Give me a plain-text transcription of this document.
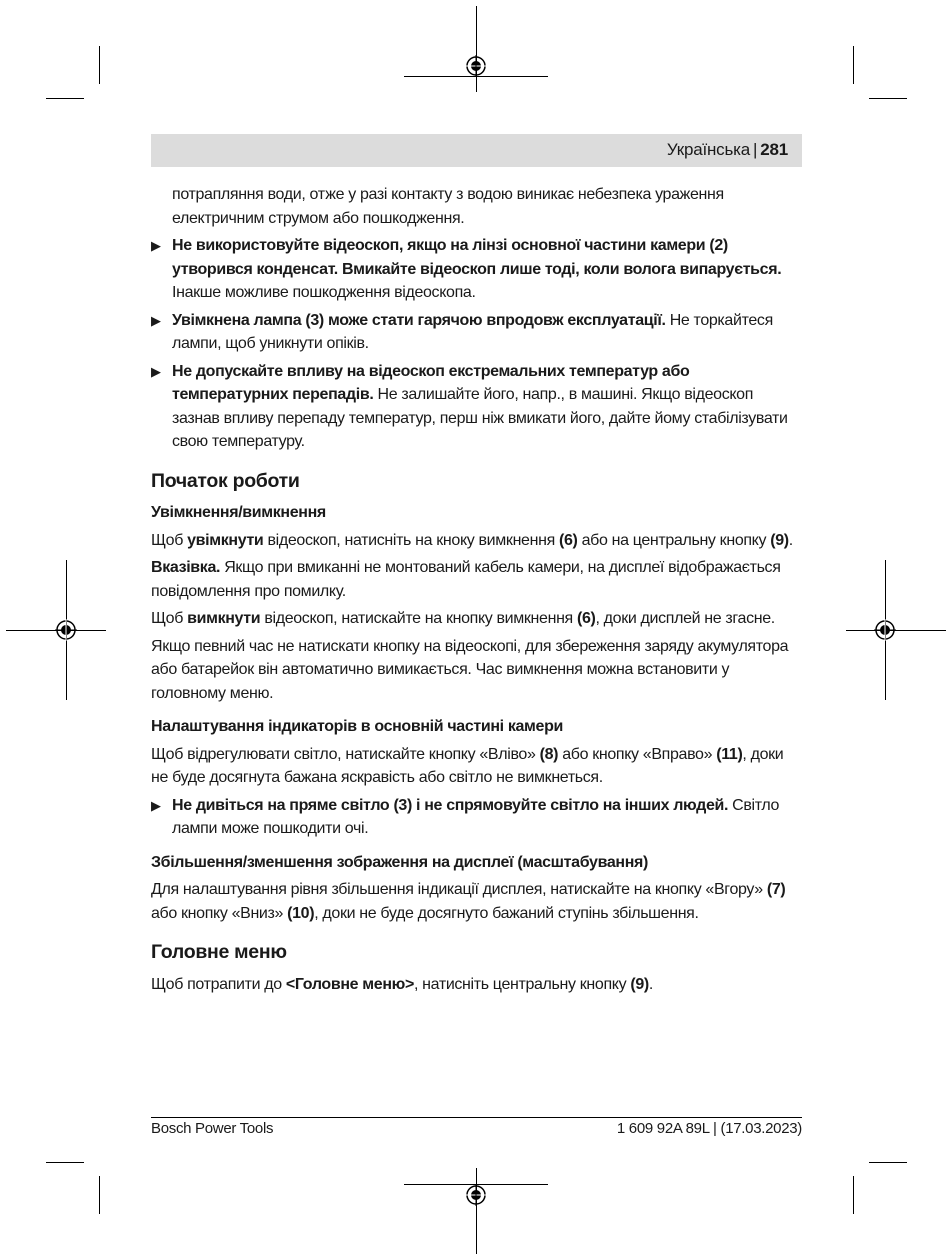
Українська | 281

потрапляння води, отже у разі контакту з водою виникає небезпека ураження електричним струмом або пошкодження.

▶ Не використовуйте відеоскоп, якщо на лінзі основної частини камери (2) утворився конденсат. Вмикайте відеоскоп лише тоді, коли волога випарується. Інакше можливе пошкодження відеоскопа.
▶ Увімкнена лампа (3) може стати гарячою впродовж експлуатації. Не торкайтеся лампи, щоб уникнути опіків.
▶ Не допускайте впливу на відеоскоп екстремальних температур або температурних перепадів. Не залишайте його, напр., в машині. Якщо відеоскоп зазнав впливу перепаду температур, перш ніж вмикати його, дайте йому стабілізувати свою температуру.
Початок роботи
Увімкнення/вимкнення

Щоб увімкнути відеоскоп, натисніть на кноку вимкнення (6) або на центральну кнопку (9).

Вказівка. Якщо при вмиканні не монтований кабель камери, на дисплеї відображається повідомлення про помилку.

Щоб вимкнути відеоскоп, натискайте на кнопку вимкнення (6), доки дисплей не згасне.

Якщо певний час не натискати кнопку на відеоскопі, для збереження заряду акумулятора або батарейок він автоматично вимикається. Час вимкнення можна встановити у головному меню.

Налаштування індикаторів в основній частині камери

Щоб відрегулювати світло, натискайте кнопку «Вліво» (8) або кнопку «Вправо» (11), доки не буде досягнута бажана яскравість або світло не вимкнеться.

▶ Не дивіться на пряме світло (3) і не спрямовуйте світло на інших людей. Світло лампи може пошкодити очі.
Збільшення/зменшення зображення на дисплеї (масштабування)

Для налаштування рівня збільшення індикації дисплея, натискайте на кнопку «Вгору» (7) або кнопку «Вниз» (10), доки не буде досягнуто бажаний ступінь збільшення.

Головне меню

Щоб потрапити до <Головне меню>, натисніть центральну кнопку (9).

Bosch Power Tools	1 609 92A 89L | (17.03.2023)
